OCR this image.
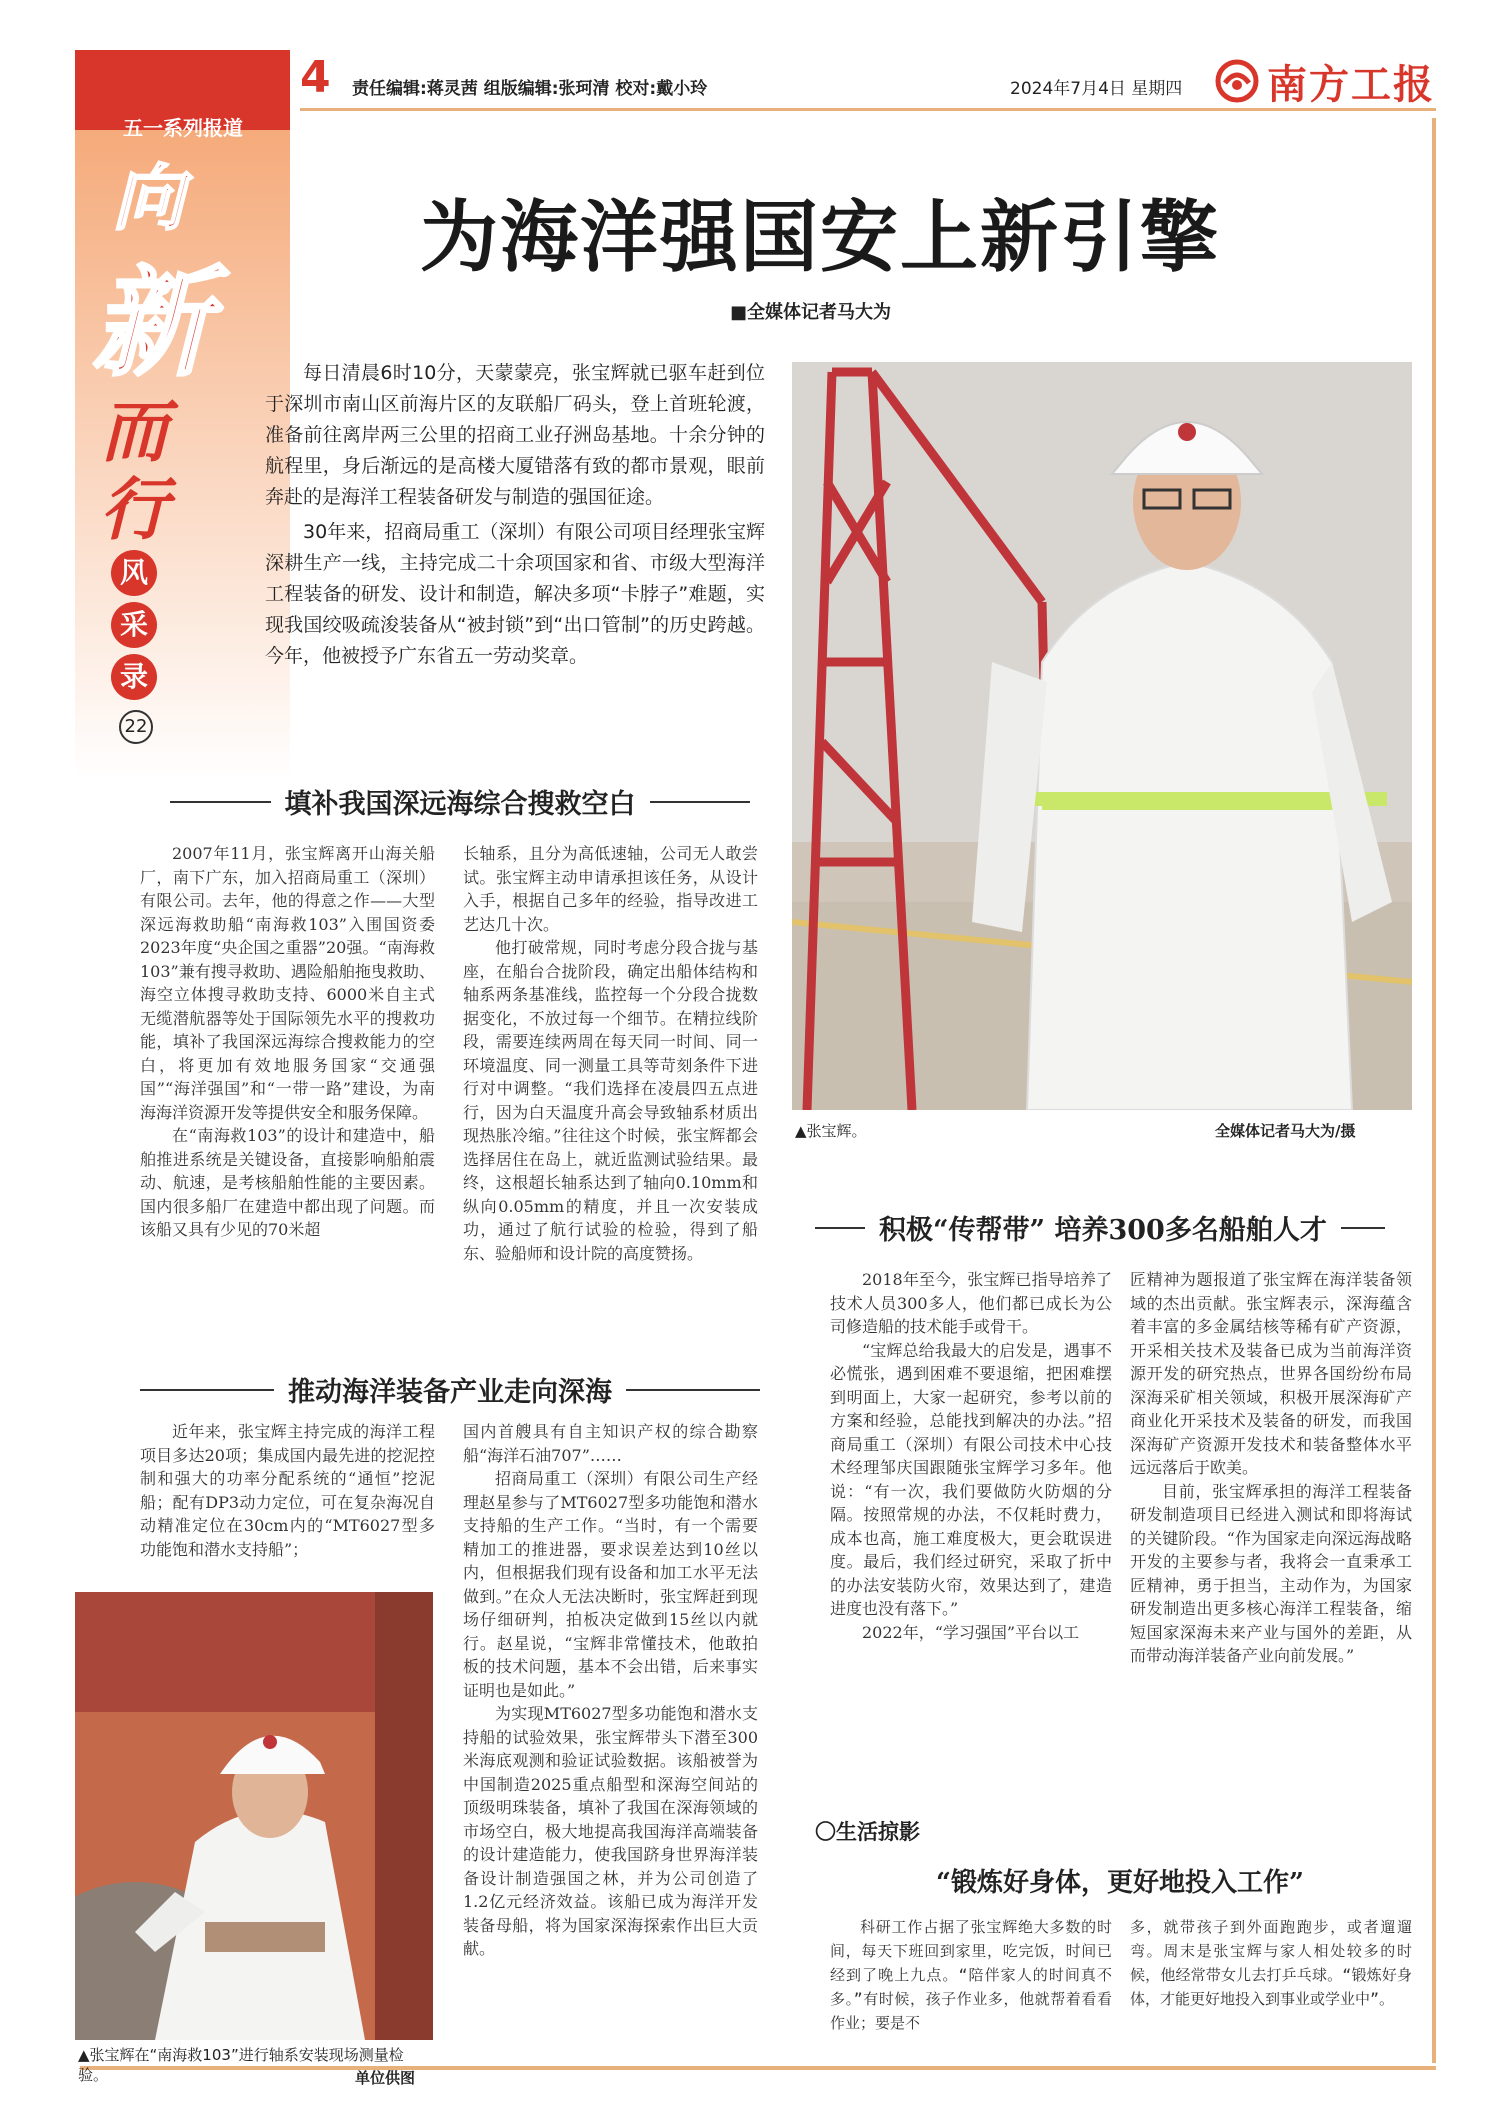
4 责任编辑:蒋灵茜 组版编辑:张珂清 校对:戴小玲	2024年7月4日 星期四 南方工报
五一系列报道
向
新
而
行
风
采
录
22
为海洋强国安上新引擎
■全媒体记者马大为

每日清晨6时10分，天蒙蒙亮，张宝辉就已驱车赶到位于深圳市南山区前海片区的友联船厂码头，登上首班轮渡，准备前往离岸两三公里的招商工业孖洲岛基地。十余分钟的航程里，身后渐远的是高楼大厦错落有致的都市景观，眼前奔赴的是海洋工程装备研发与制造的强国征途。

30年来，招商局重工（深圳）有限公司项目经理张宝辉深耕生产一线，主持完成二十余项国家和省、市级大型海洋工程装备的研发、设计和制造，解决多项“卡脖子”难题，实现我国绞吸疏浚装备从“被封锁”到“出口管制”的历史跨越。今年，他被授予广东省五一劳动奖章。

▲张宝辉。	全媒体记者马大为/摄
填补我国深远海综合搜救空白

2007年11月，张宝辉离开山海关船厂，南下广东，加入招商局重工（深圳）有限公司。去年，他的得意之作——大型深远海救助船“南海救103”入围国资委2023年度“央企国之重器”20强。“南海救103”兼有搜寻救助、遇险船舶拖曳救助、海空立体搜寻救助支持、6000米自主式无缆潜航器等处于国际领先水平的搜救功能，填补了我国深远海综合搜救能力的空白，将更加有效地服务国家“交通强国”“海洋强国”和“一带一路”建设，为南海海洋资源开发等提供安全和服务保障。

在“南海救103”的设计和建造中，船舶推进系统是关键设备，直接影响船舶震动、航速，是考核船舶性能的主要因素。国内很多船厂在建造中都出现了问题。而该船又具有少见的70米超

长轴系，且分为高低速轴，公司无人敢尝试。张宝辉主动申请承担该任务，从设计入手，根据自己多年的经验，指导改进工艺达几十次。

他打破常规，同时考虑分段合拢与基座，在船台合拢阶段，确定出船体结构和轴系两条基准线，监控每一个分段合拢数据变化，不放过每一个细节。在精拉线阶段，需要连续两周在每天同一时间、同一环境温度、同一测量工具等苛刻条件下进行对中调整。“我们选择在凌晨四五点进行，因为白天温度升高会导致轴系材质出现热胀冷缩。”往往这个时候，张宝辉都会选择居住在岛上，就近监测试验结果。最终，这根超长轴系达到了轴向0.10mm和纵向0.05mm的精度，并且一次安装成功，通过了航行试验的检验，得到了船东、验船师和设计院的高度赞扬。

推动海洋装备产业走向深海

近年来，张宝辉主持完成的海洋工程项目多达20项；集成国内最先进的挖泥控制和强大的功率分配系统的“通恒”挖泥船；配有DP3动力定位，可在复杂海况自动精准定位在30cm内的“MT6027型多功能饱和潜水支持船”；

▲张宝辉在“南海救103”进行轴系安装现场测量检验。	单位供图

国内首艘具有自主知识产权的综合勘察船“海洋石油707”……

招商局重工（深圳）有限公司生产经理赵星参与了MT6027型多功能饱和潜水支持船的生产工作。“当时，有一个需要精加工的推进器，要求误差达到10丝以内，但根据我们现有设备和加工水平无法做到。”在众人无法决断时，张宝辉赶到现场仔细研判，拍板决定做到15丝以内就行。赵星说，“宝辉非常懂技术，他敢拍板的技术问题，基本不会出错，后来事实证明也是如此。”

为实现MT6027型多功能饱和潜水支持船的试验效果，张宝辉带头下潜至300米海底观测和验证试验数据。该船被誉为中国制造2025重点船型和深海空间站的顶级明珠装备，填补了我国在深海领域的市场空白，极大地提高我国海洋高端装备的设计建造能力，使我国跻身世界海洋装备设计制造强国之林，并为公司创造了1.2亿元经济效益。该船已成为海洋开发装备母船，将为国家深海探索作出巨大贡献。

积极“传帮带” 培养300多名船舶人才

2018年至今，张宝辉已指导培养了技术人员300多人，他们都已成长为公司修造船的技术能手或骨干。

“宝辉总给我最大的启发是，遇事不必慌张，遇到困难不要退缩，把困难摆到明面上，大家一起研究，参考以前的方案和经验，总能找到解决的办法。”招商局重工（深圳）有限公司技术中心技术经理邹庆国跟随张宝辉学习多年。他说：“有一次，我们要做防火防烟的分隔。按照常规的办法，不仅耗时费力，成本也高，施工难度极大，更会耽误进度。最后，我们经过研究，采取了折中的办法安装防火帘，效果达到了，建造进度也没有落下。”

2022年，“学习强国”平台以工

匠精神为题报道了张宝辉在海洋装备领域的杰出贡献。张宝辉表示，深海蕴含着丰富的多金属结核等稀有矿产资源，开采相关技术及装备已成为当前海洋资源开发的研究热点，世界各国纷纷布局深海采矿相关领域，积极开展深海矿产商业化开采技术及装备的研发，而我国深海矿产资源开发技术和装备整体水平远远落后于欧美。

目前，张宝辉承担的海洋工程装备研发制造项目已经进入测试和即将海试的关键阶段。“作为国家走向深远海战略开发的主要参与者，我将会一直秉承工匠精神，勇于担当，主动作为，为国家研发制造出更多核心海洋工程装备，缩短国家深海未来产业与国外的差距，从而带动海洋装备产业向前发展。”

〇生活掠影
“锻炼好身体，更好地投入工作”

科研工作占据了张宝辉绝大多数的时间，每天下班回到家里，吃完饭，时间已经到了晚上九点。“陪伴家人的时间真不多。”有时候，孩子作业多，他就帮着看看作业；要是不

多，就带孩子到外面跑跑步，或者遛遛弯。周末是张宝辉与家人相处较多的时候，他经常带女儿去打乒乓球。“锻炼好身体，才能更好地投入到事业或学业中”。
